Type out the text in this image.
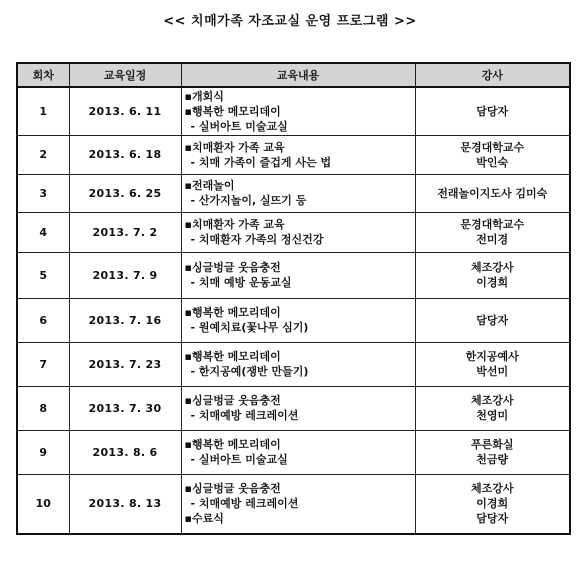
<< 치매가족 자조교실 운영 프로그램 >>
회차	교육일정	교육내용	강사
1	2013. 6. 11	▪개회식
▪행복한 메모리데이
- 실버아트 미술교실	담당자

2	2013. 6. 18	▪치매환자 가족 교육
- 치매 가족이 즐겁게 사는 법	문경대학교수
박인숙

3	2013. 6. 25	▪전래놀이
- 산가지놀이, 실뜨기 등	전래놀이지도사 김미숙

4	2013. 7. 2	▪치매환자 가족 교육
- 치매환자 가족의 정신건강	문경대학교수
전미경

5	2013. 7. 9	▪싱글벙글 웃음충전
- 치매 예방 운동교실	체조강사
이경희

6	2013. 7. 16	▪행복한 메모리데이
- 원예치료(꽃나무 심기)	담당자

7	2013. 7. 23	▪행복한 메모리데이
- 한지공예(쟁반 만들기)	한지공예사
박선미

8	2013. 7. 30	▪싱글벙글 웃음충전
- 치매예방 레크레이션	체조강사
천영미

9	2013. 8. 6	▪행복한 메모리데이
- 실버아트 미술교실	푸른화실
천금량

10	2013. 8. 13	▪싱글벙글 웃음충전
- 치매예방 레크레이션
▪수료식	체조강사
이경희
담당자
